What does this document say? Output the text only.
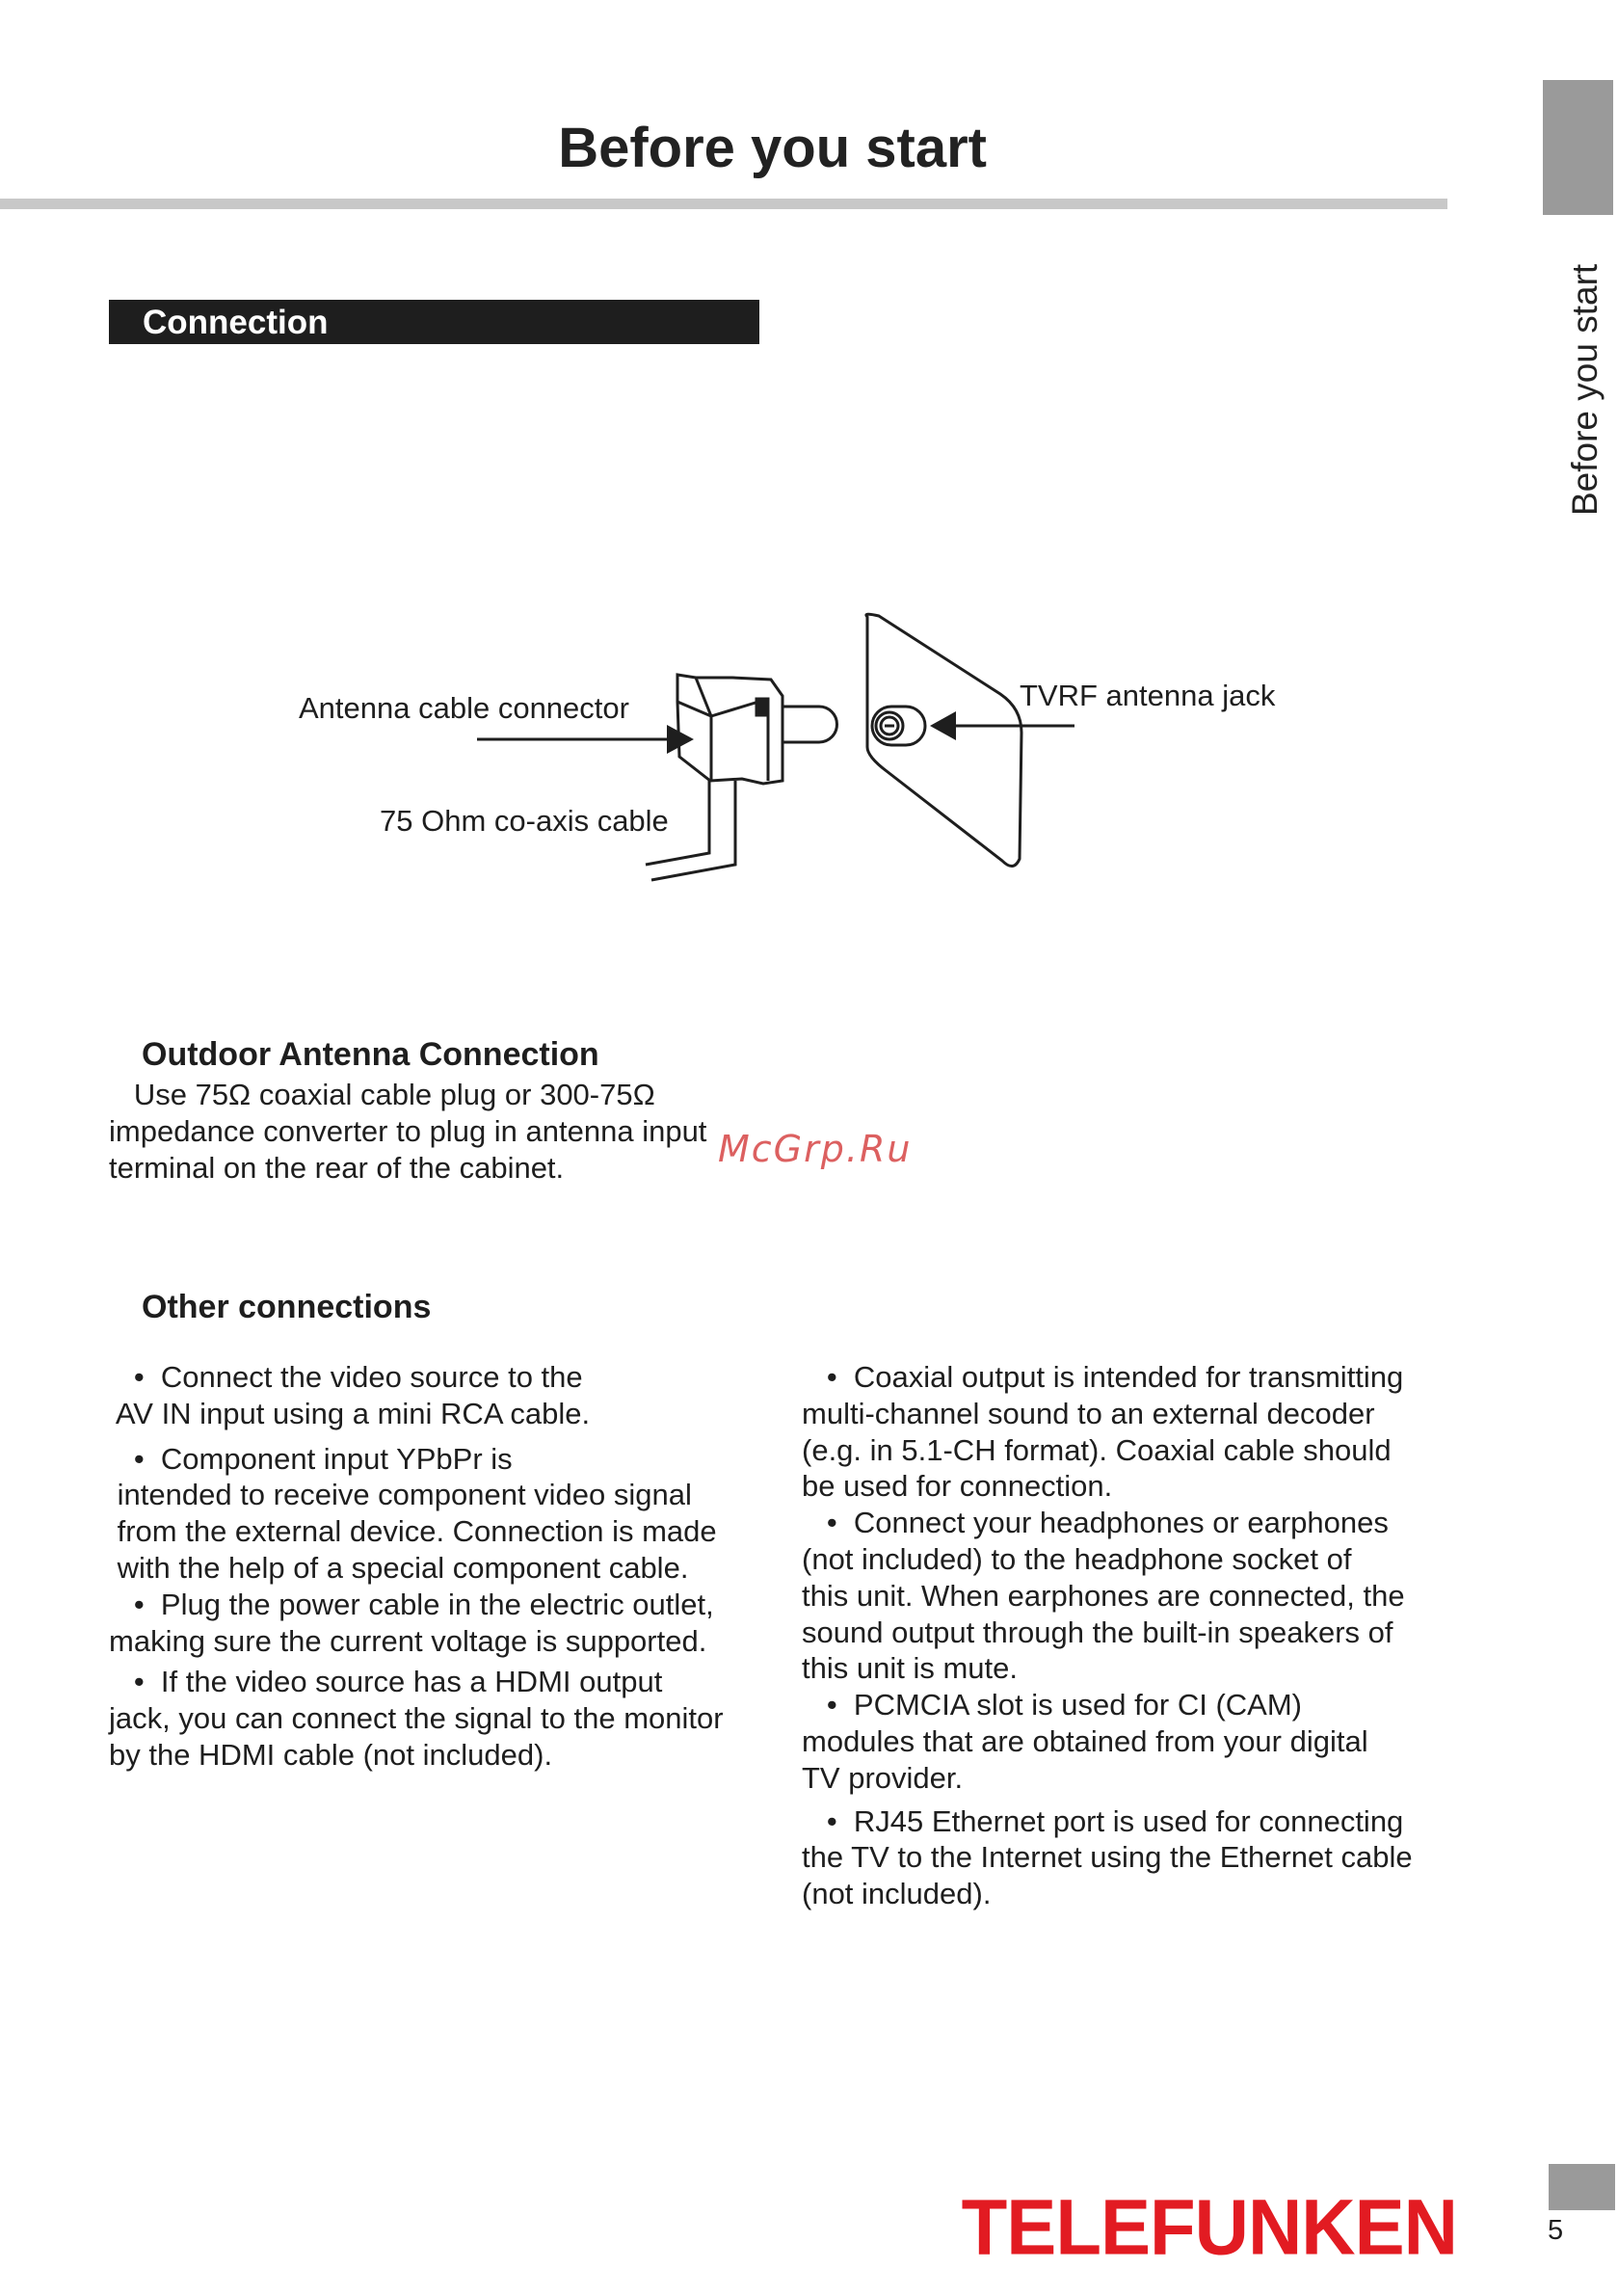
Before you start
Before you start
Connection
Antenna cable connector
75 Ohm co-axis cable
TVRF antenna jack
Outdoor Antenna Connection

Use 75Ω coaxial cable plug or 300-75Ω

impedance converter to plug in antenna input

terminal on the rear of the cabinet.	McGrp.Ru
Other connections

•  Connect the video source to the

AV IN input using a mini RCA cable.

•  Component input YPbPr is

intended to receive component video signal

from the external device. Connection is made

with the help of a special component cable.

•  Plug the power cable in the electric outlet,

making sure the current voltage is supported.

•  If the video source has a HDMI output

jack, you can connect the signal to the monitor

by the HDMI cable (not included).

•  Coaxial output is intended for transmitting

multi-channel sound to an external decoder

(e.g. in 5.1-CH format). Coaxial cable should

be used for connection.

•  Connect your headphones or earphones

(not included) to the headphone socket of

this unit. When earphones are connected, the

sound output through the built-in speakers of

this unit is mute.

•  PCMCIA slot is used for CI (CAM)

modules that are obtained from your digital

TV provider.

•  RJ45 Ethernet port is used for connecting

the TV to the Internet using the Ethernet cable

(not included).

TELEFUNKEN	5
